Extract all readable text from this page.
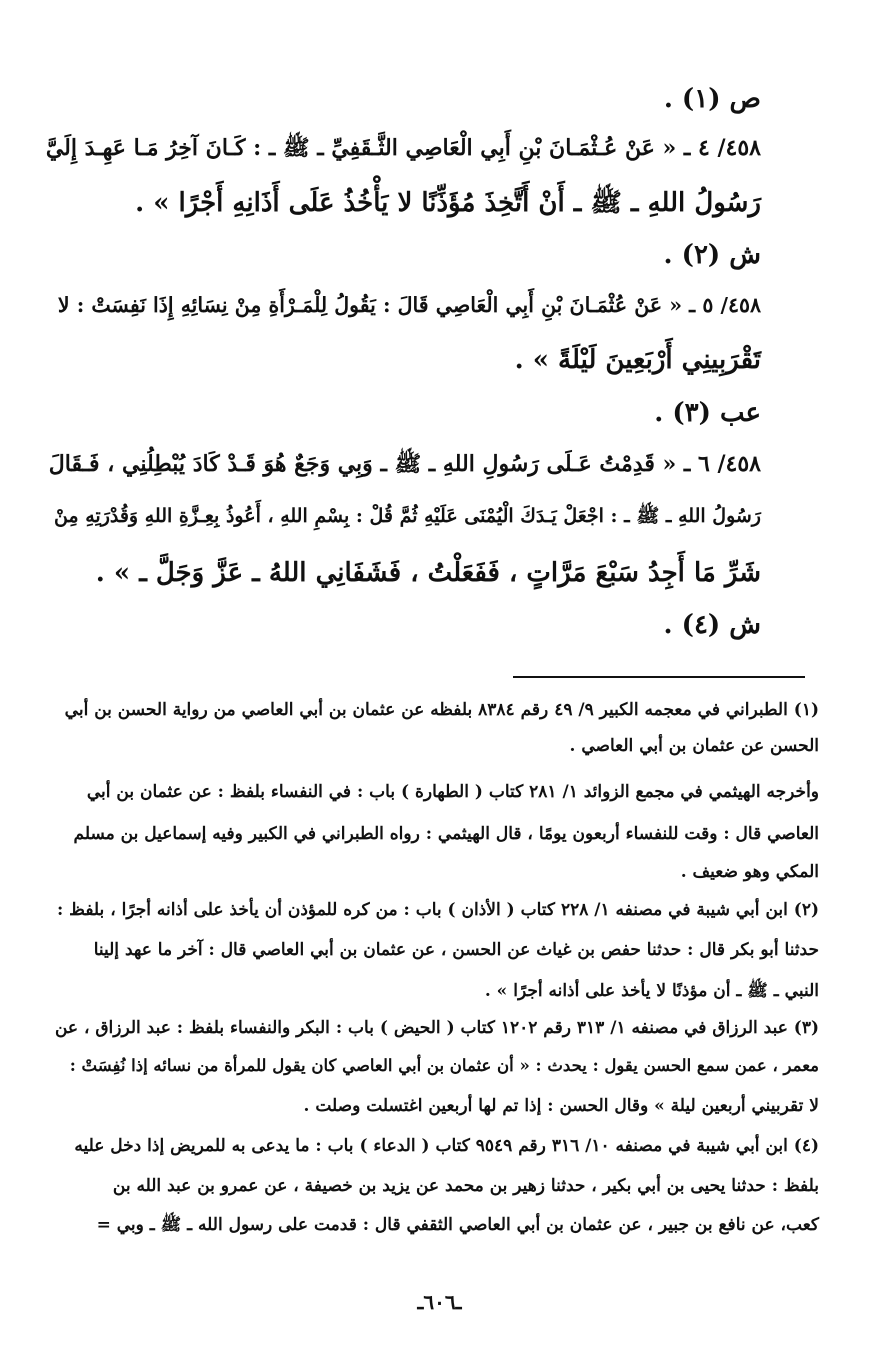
ص (١) .
٤٥٨/ ٤ ـ « عَنْ عُـثْمَـانَ بْنِ أَبِي الْعَاصِي الثَّـقَفِيِّ ـ ﷺ ـ : كَـانَ آخِرُ مَـا عَهِـدَ إِلَيَّ
رَسُولُ اللهِ ـ ﷺ ـ أَنْ أَتَّخِذَ مُؤَذِّنًا لا يَأْخُذُ عَلَى أَذَانِهِ أَجْرًا » .
ش (٢) .
٤٥٨/ ٥ ـ « عَنْ عُثْمَـانَ بْنِ أَبِي الْعَاصِي قَالَ : يَقُولُ لِلْمَـرْأَةِ مِنْ نِسَائِهِ إِذَا نَفِسَتْ : لا
تَقْرَبِينِي أَرْبَعِينَ لَيْلَةً » .
عب (٣) .
٤٥٨/ ٦ ـ « قَدِمْتُ عَـلَى رَسُولِ اللهِ ـ ﷺ ـ وَبِي وَجَعٌ هُوَ قَـدْ كَادَ يُبْطِلُنِي ، فَـقَالَ
رَسُولُ اللهِ ـ ﷺ ـ : اجْعَلْ يَـدَكَ الْيُمْنَى عَلَيْهِ ثُمَّ قُلْ : بِسْمِ اللهِ ، أَعُوذُ بِعِـزَّةِ اللهِ وَقُدْرَتِهِ مِنْ
شَرِّ مَا أَجِدُ سَبْعَ مَرَّاتٍ ، فَفَعَلْتُ ، فَشَفَانِي اللهُ ـ عَزَّ وَجَلَّ ـ » .
ش (٤) .
(١) الطبراني في معجمه الكبير ٩/ ٤٩ رقم ٨٣٨٤ بلفظه عن عثمان بن أبي العاصي من رواية الحسن بن أبي
الحسن عن عثمان بن أبي العاصي .
وأخرجه الهيثمي في مجمع الزوائد ١/ ٢٨١ كتاب ( الطهارة ) باب : في النفساء بلفظ : عن عثمان بن أبي
العاصي قال : وقت للنفساء أربعون يومًا ، قال الهيثمي : رواه الطبراني في الكبير وفيه إسماعيل بن مسلم
المكي وهو ضعيف .
(٢) ابن أبي شيبة في مصنفه ١/ ٢٢٨ كتاب ( الأذان ) باب : من كره للمؤذن أن يأخذ على أذانه أجرًا ، بلفظ :
حدثنا أبو بكر قال : حدثنا حفص بن غياث عن الحسن ، عن عثمان بن أبي العاصي قال : آخر ما عهد إلينا
النبي ـ ﷺ ـ أن مؤذنًا لا يأخذ على أذانه أجرًا » .
(٣) عبد الرزاق في مصنفه ١/ ٣١٣ رقم ١٢٠٢ كتاب ( الحيض ) باب : البكر والنفساء بلفظ : عبد الرزاق ، عن
معمر ، عمن سمع الحسن يقول : يحدث : « أن عثمان بن أبي العاصي كان يقول للمرأة من نسائه إذا نُفِسَتْ :
لا تقربيني أربعين ليلة » وقال الحسن : إذا تم لها أربعين اغتسلت وصلت .
(٤) ابن أبي شيبة في مصنفه ١٠/ ٣١٦ رقم ٩٥٤٩ كتاب ( الدعاء ) باب : ما يدعى به للمريض إذا دخل عليه
بلفظ : حدثنا يحيى بن أبي بكير ، حدثنا زهير بن محمد عن يزيد بن خصيفة ، عن عمرو بن عبد الله بن
كعب، عن نافع بن جبير ، عن عثمان بن أبي العاصي الثقفي قال : قدمت على رسول الله ـ ﷺ ـ وبي =
ـ٦٠٦ـ
